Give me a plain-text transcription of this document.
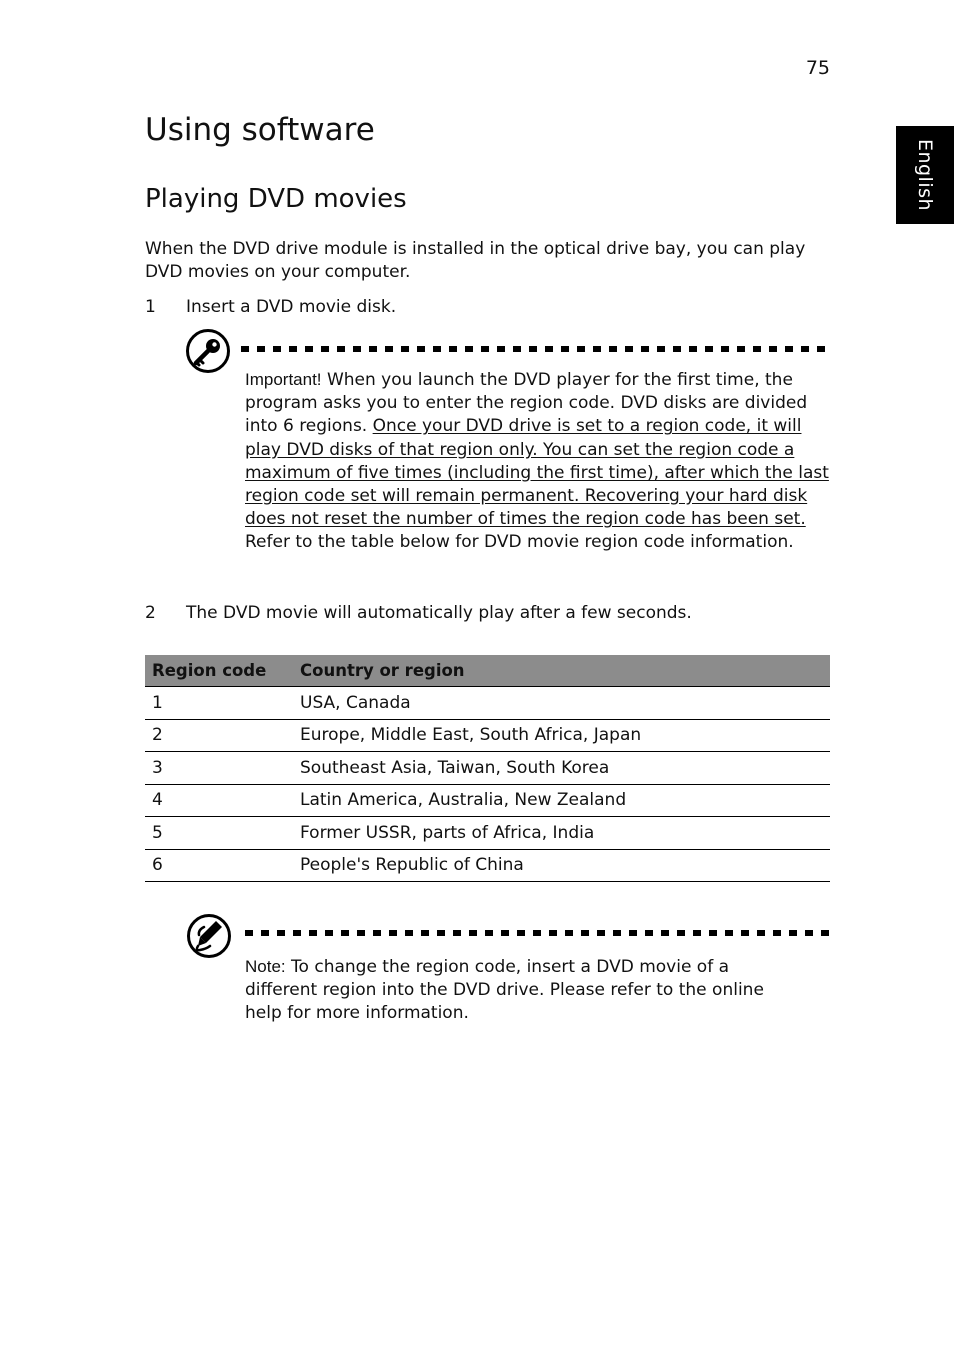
75
English
Using software
Playing DVD movies

When the DVD drive module is installed in the optical drive bay, you can play DVD movies on your computer.

1 Insert a DVD movie disk.

Important! When you launch the DVD player for the first time, the program asks you to enter the region code. DVD disks are divided into 6 regions. Once your DVD drive is set to a region code, it will play DVD disks of that region only. You can set the region code a maximum of five times (including the first time), after which the last region code set will remain permanent. Recovering your hard disk does not reset the number of times the region code has been set. Refer to the table below for DVD movie region code information.

2 The DVD movie will automatically play after a few seconds.
Region code	Country or region
1	USA, Canada
2	Europe, Middle East, South Africa, Japan
3	Southeast Asia, Taiwan, South Korea
4	Latin America, Australia, New Zealand
5	Former USSR, parts of Africa, India
6	People's Republic of China

Note: To change the region code, insert a DVD movie of a different region into the DVD drive. Please refer to the online help for more information.
